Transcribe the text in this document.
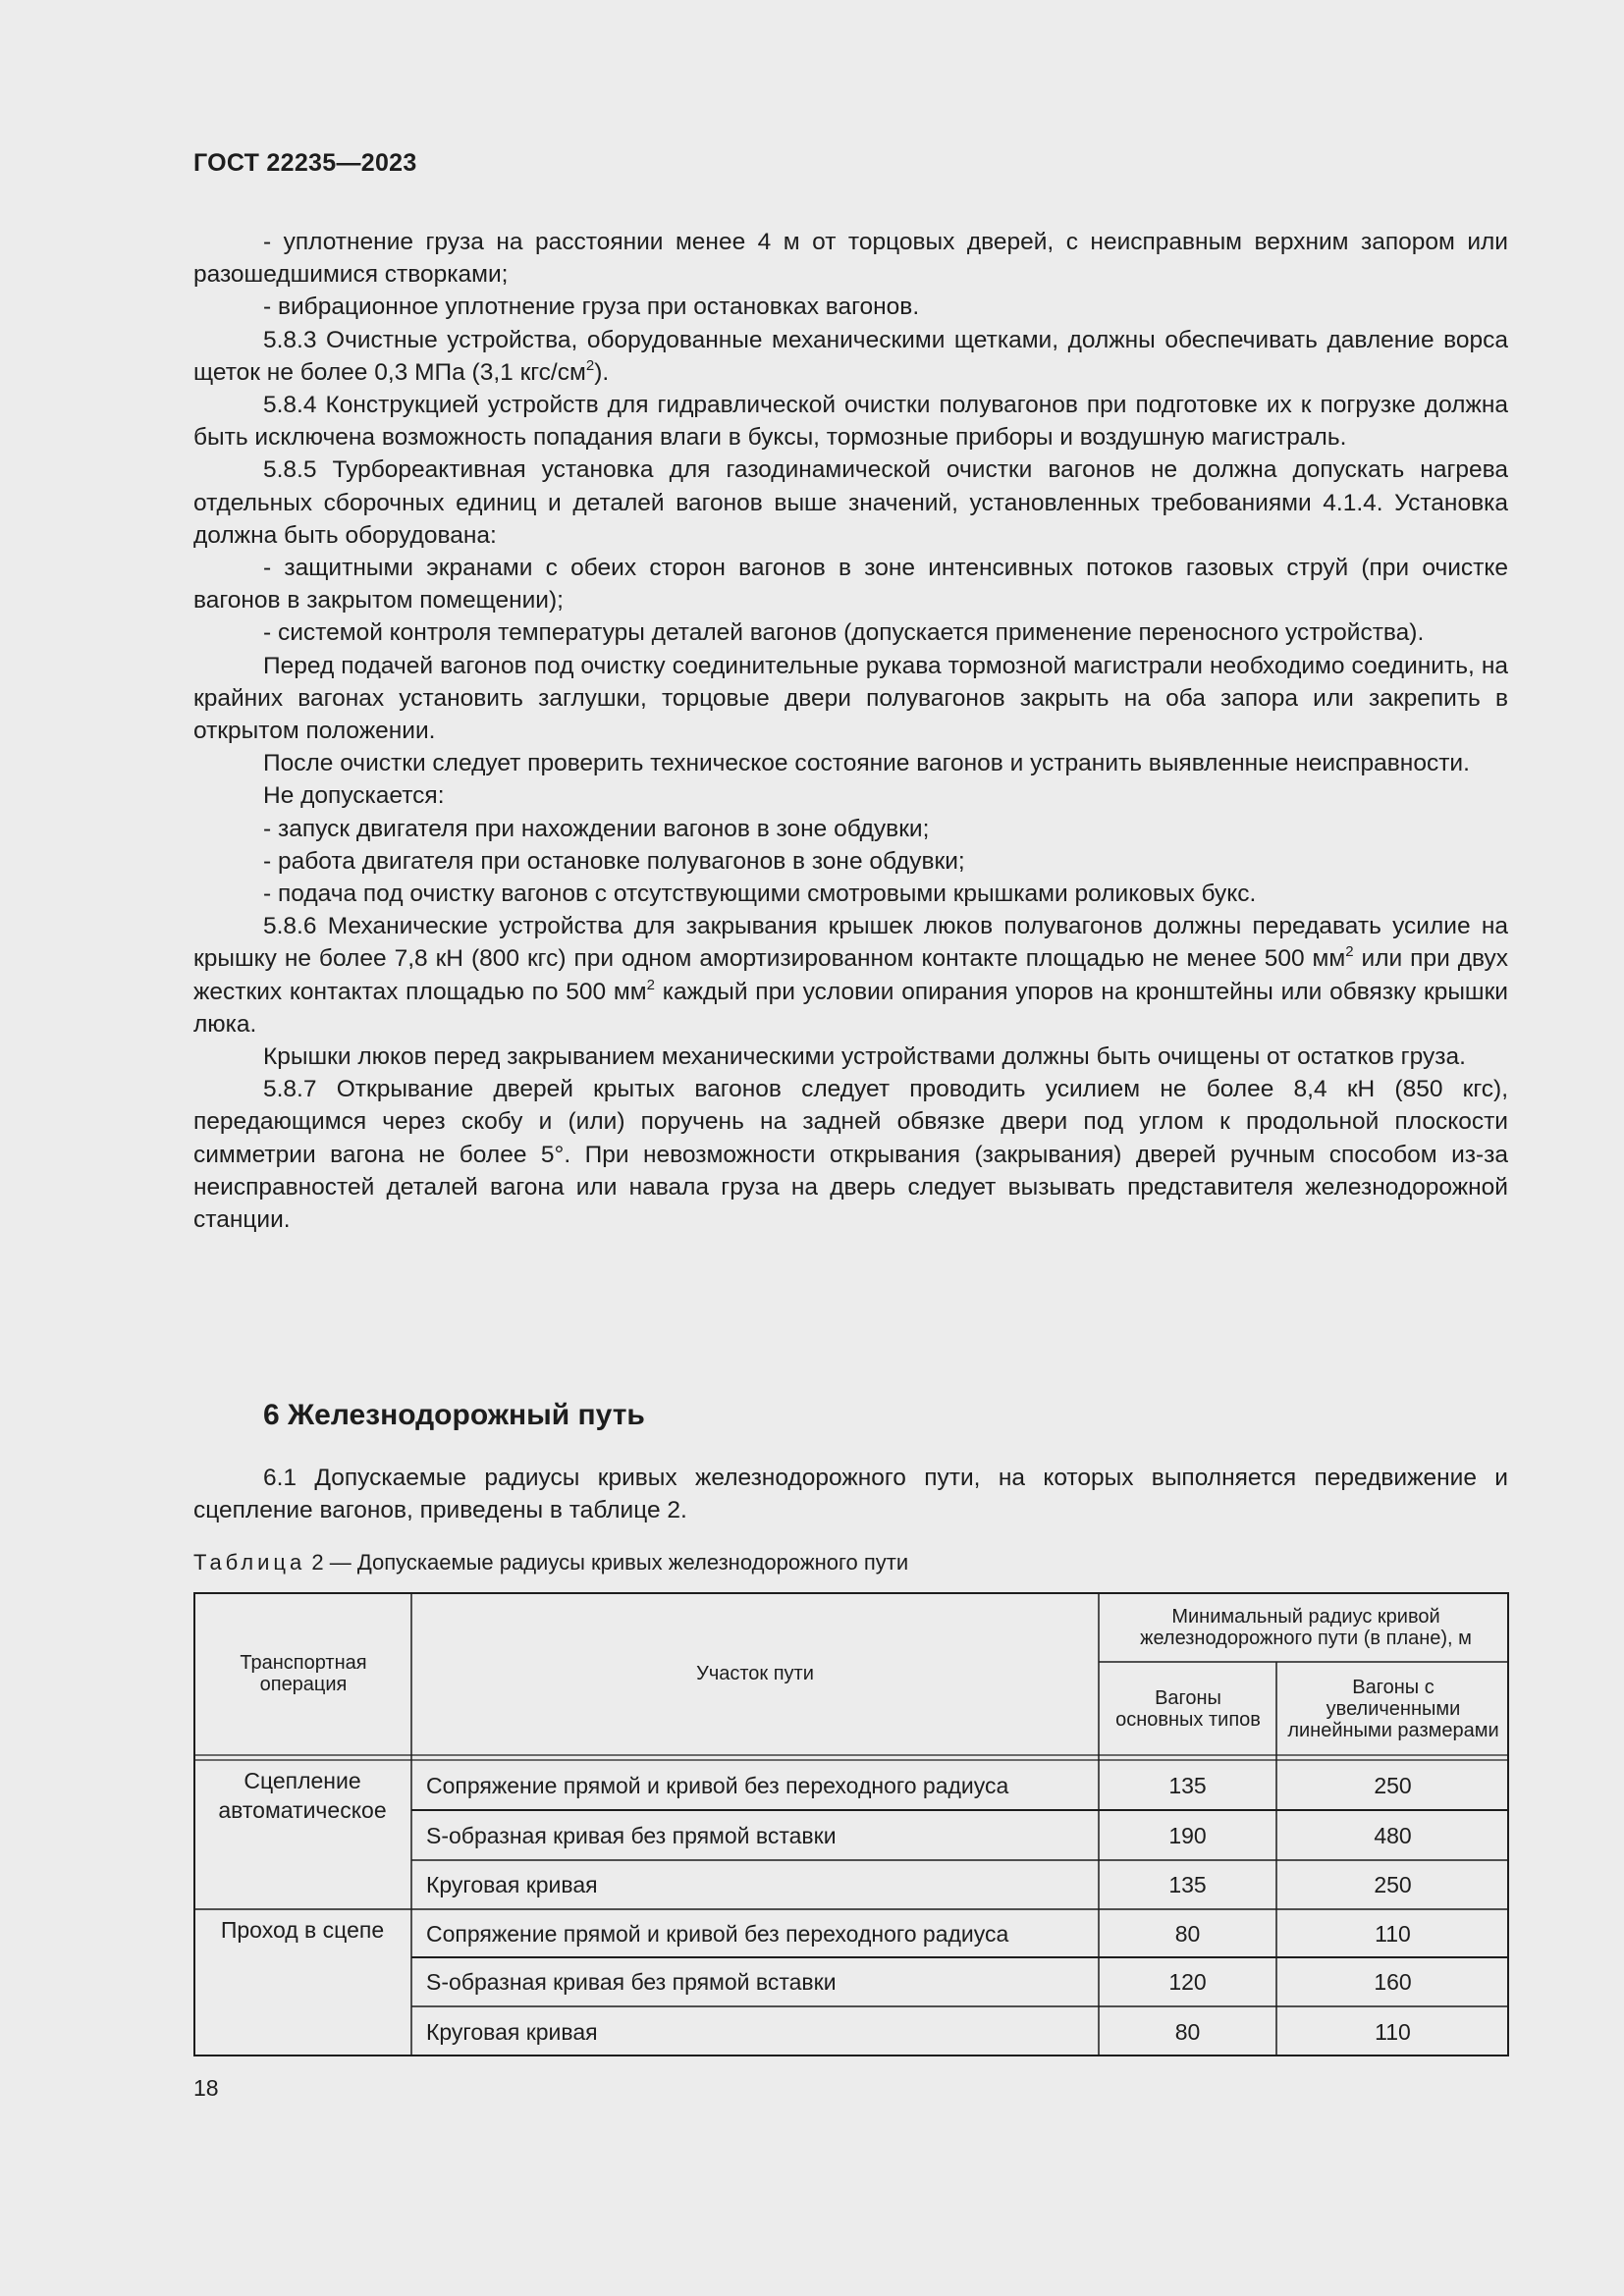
ГОСТ 22235—2023

- уплотнение груза на расстоянии менее 4 м от торцовых дверей, с неисправным верхним запором или разошедшимися створками;

- вибрационное уплотнение груза при остановках вагонов.

5.8.3 Очистные устройства, оборудованные механическими щетками, должны обеспечивать давление ворса щеток не более 0,3 МПа (3,1 кгс/$см^2$).

5.8.4 Конструкцией устройств для гидравлической очистки полувагонов при подготовке их к погрузке должна быть исключена возможность попадания влаги в буксы, тормозные приборы и воздушную магистраль.

5.8.5 Турбореактивная установка для газодинамической очистки вагонов не должна допускать нагрева отдельных сборочных единиц и деталей вагонов выше значений, установленных требованиями 4.1.4. Установка должна быть оборудована:

- защитными экранами с обеих сторон вагонов в зоне интенсивных потоков газовых струй (при очистке вагонов в закрытом помещении);

- системой контроля температуры деталей вагонов (допускается применение переносного устройства).

Перед подачей вагонов под очистку соединительные рукава тормозной магистрали необходимо соединить, на крайних вагонах установить заглушки, торцовые двери полувагонов закрыть на оба запора или закрепить в открытом положении.

После очистки следует проверить техническое состояние вагонов и устранить выявленные неисправности.

Не допускается:

- запуск двигателя при нахождении вагонов в зоне обдувки;

- работа двигателя при остановке полувагонов в зоне обдувки;

- подача под очистку вагонов с отсутствующими смотровыми крышками роликовых букс.

5.8.6 Механические устройства для закрывания крышек люков полувагонов должны передавать усилие на крышку не более 7,8 кН (800 кгс) при одном амортизированном контакте площадью не менее 500 $мм^2$ или при двух жестких контактах площадью по 500 $мм^2$ каждый при условии опирания упоров на кронштейны или обвязку крышки люка.

Крышки люков перед закрыванием механическими устройствами должны быть очищены от остатков груза.

5.8.7 Открывание дверей крытых вагонов следует проводить усилием не более 8,4 кН (850 кгс), передающимся через скобу и (или) поручень на задней обвязке двери под углом к продольной плоскости симметрии вагона не более 5°. При невозможности открывания (закрывания) дверей ручным способом из-за неисправностей деталей вагона или навала груза на дверь следует вызывать представителя железнодорожной станции.

6 Железнодорожный путь

6.1 Допускаемые радиусы кривых железнодорожного пути, на которых выполняется передвижение и сцепление вагонов, приведены в таблице 2.

Таблица 2 — Допускаемые радиусы кривых железнодорожного пути

Транспортная операция	Участок пути
Минимальный радиус кривой железнодорожного пути (в плане), м
Вагоны основных типов
Вагоны с увеличенными линейными размерами
Сцепление автоматическое
Сопряжение прямой и кривой без переходного радиуса	135	250
S-образная кривая без прямой вставки	190	480
Круговая кривая	135	250
Проход в сцепе	Сопряжение прямой и кривой без переходного радиуса	80	110
S-образная кривая без прямой вставки	120	160
Круговая кривая	80	110
18
